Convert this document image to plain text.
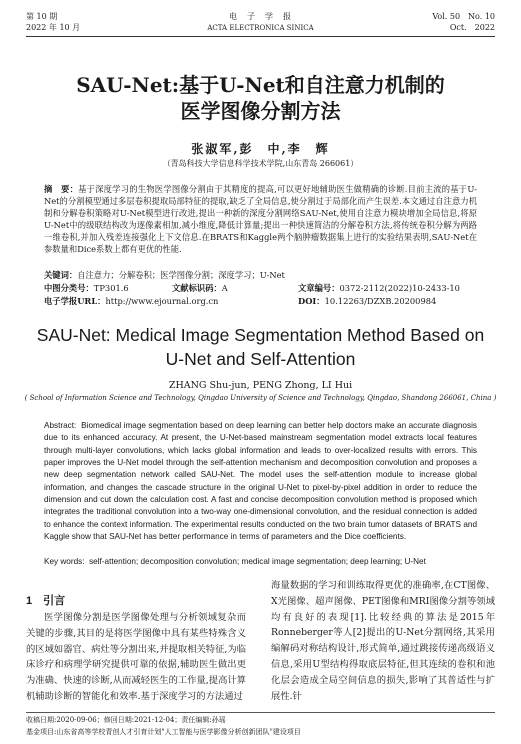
第 10 期
2022 年 10 月
电　子　学　报
ACTA ELECTRONICA SINICA
Vol. 50　No. 10
Oct.　2022
SAU-Net:基于U-Net和自注意力机制的
医学图像分割方法
张淑军,彭　中,李　辉
（青岛科技大学信息科学技术学院,山东青岛 266061）
摘　要：基于深度学习的生物医学图像分割由于其精度的提高,可以更好地辅助医生做精确的诊断.目前主流的基于U-Net的分割模型通过多层卷积提取局部特征的提取,缺乏了全局信息,使分割过于局部化而产生误差.本文通过自注意力机制和分解卷积策略对U-Net模型进行改进,提出一种新的深度分割网络SAU-Net,使用自注意力模块增加全局信息,将原U-Net中的级联结构改为逐像素相加,减小维度,降低计算量;提出一种快速简洁的分解卷积方法,将传统卷积分解为两路一维卷积,并加入残差连接强化上下文信息.在BRATS和Kaggle两个脑肿瘤数据集上进行的实验结果表明,SAU-Net在参数量和Dice系数上都有更优的性能.
关键词：自注意力；分解卷积；医学图像分割；深度学习；U-Net
中图分类号：TP301.6	文献标识码：A	文章编号：0372-2112(2022)10-2433-10
电子学报URL：http://www.ejournal.org.cn	DOI：10.12263/DZXB.20200984
SAU-Net: Medical Image Segmentation Method Based on
U-Net and Self-Attention
ZHANG Shu-jun, PENG Zhong, LI Hui
( School of Information Science and Technology, Qingdao University of Science and Technology, Qingdao, Shandong 266061, China )
Abstract: Biomedical image segmentation based on deep learning can better help doctors make an accurate diagnosis due to its enhanced accuracy. At present, the U-Net-based mainstream segmentation model extracts local features through multi-layer convolutions, which lacks global information and leads to over-localized results with errors. This paper improves the U-Net model through the self-attention mechanism and decomposition convolution and proposes a new deep segmentation network called SAU-Net. The model uses the self-attention module to increase global information, and changes the cascade structure in the original U-Net to pixel-by-pixel addition in order to reduce the dimension and cut down the calculation cost. A fast and concise decomposition convolution method is proposed which integrates the traditional convolution into a two-way one-dimensional convolution, and the residual connection is added to enhance the context information. The experimental results conducted on the two brain tumor datasets of BRATS and Kaggle show that SAU-Net has better performance in terms of parameters and the Dice coefficients.
Key words: self-attention; decomposition convolution; medical image segmentation; deep learning; U-Net
1　引言
医学图像分割是医学图像处理与分析领域复杂而关键的步骤,其目的是将医学图像中具有某些特殊含义的区域如器官、病灶等分割出来,并提取相关特征,为临床诊疗和病理学研究提供可靠的依据,辅助医生做出更为准确、快速的诊断,从而减轻医生的工作量,提高计算机辅助诊断的智能化和效率.基于深度学习的方法通过
海量数据的学习和训练取得更优的准确率,在CT图像、X光图像、超声图像、PET图像和MRI图像分割等领域均有良好的表现[1].比较经典的算法是2015年Ronneberger等人[2]提出的U-Net分割网络,其采用编解码对称结构设计,形式简单,通过跳接传递高级语义信息,采用U型结构得取底层特征,但其连续的卷积和池化层会造成全局空间信息的损失,影响了其普适性与扩展性.针
收稿日期:2020-09-06；修回日期:2021-12-04；责任编辑:孙瑶
基金项目:山东省高等学校青创人才引育计划"人工智能与医学影像分析创新团队"建设项目
